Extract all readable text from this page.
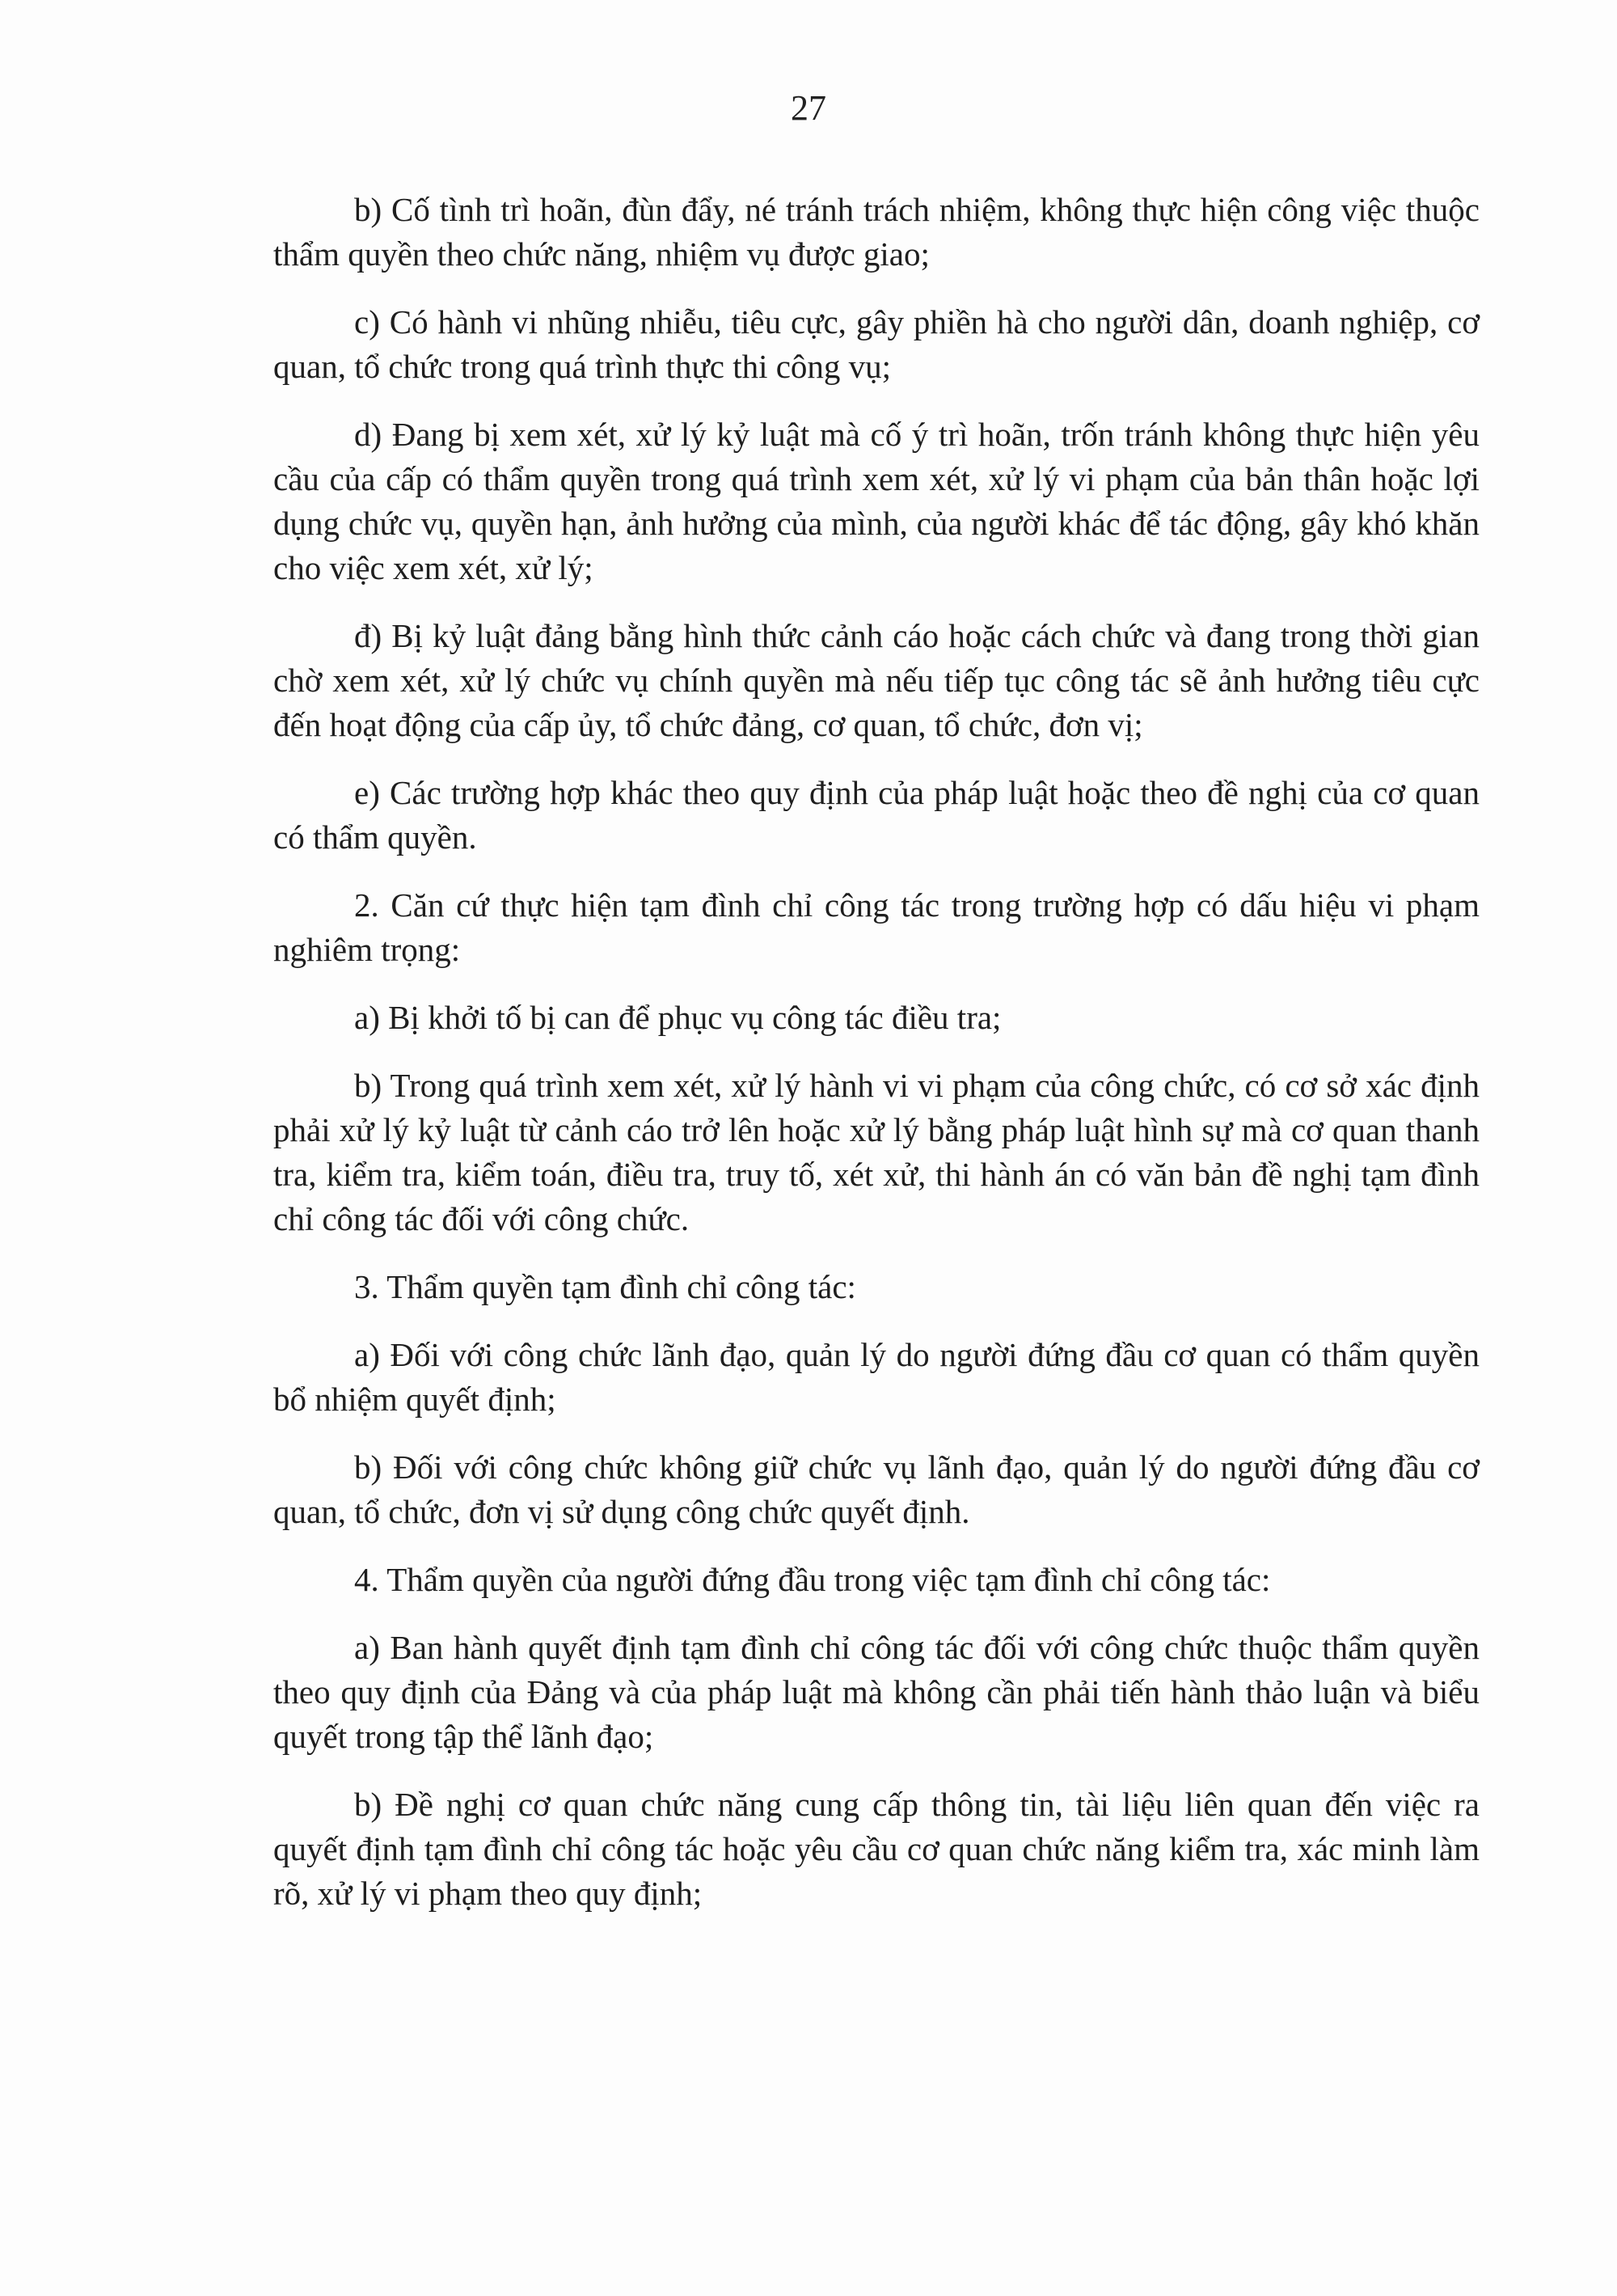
27

b) Cố tình trì hoãn, đùn đẩy, né tránh trách nhiệm, không thực hiện công việc thuộc thẩm quyền theo chức năng, nhiệm vụ được giao;

c) Có hành vi nhũng nhiễu, tiêu cực, gây phiền hà cho người dân, doanh nghiệp, cơ quan, tổ chức trong quá trình thực thi công vụ;

d) Đang bị xem xét, xử lý kỷ luật mà cố ý trì hoãn, trốn tránh không thực hiện yêu cầu của cấp có thẩm quyền trong quá trình xem xét, xử lý vi phạm của bản thân hoặc lợi dụng chức vụ, quyền hạn, ảnh hưởng của mình, của người khác để tác động, gây khó khăn cho việc xem xét, xử lý;

đ) Bị kỷ luật đảng bằng hình thức cảnh cáo hoặc cách chức và đang trong thời gian chờ xem xét, xử lý chức vụ chính quyền mà nếu tiếp tục công tác sẽ ảnh hưởng tiêu cực đến hoạt động của cấp ủy, tổ chức đảng, cơ quan, tổ chức, đơn vị;

e) Các trường hợp khác theo quy định của pháp luật hoặc theo đề nghị của cơ quan có thẩm quyền.

2. Căn cứ thực hiện tạm đình chỉ công tác trong trường hợp có dấu hiệu vi phạm nghiêm trọng:

a) Bị khởi tố bị can để phục vụ công tác điều tra;

b) Trong quá trình xem xét, xử lý hành vi vi phạm của công chức, có cơ sở xác định phải xử lý kỷ luật từ cảnh cáo trở lên hoặc xử lý bằng pháp luật hình sự mà cơ quan thanh tra, kiểm tra, kiểm toán, điều tra, truy tố, xét xử, thi hành án có văn bản đề nghị tạm đình chỉ công tác đối với công chức.

3. Thẩm quyền tạm đình chỉ công tác:

a) Đối với công chức lãnh đạo, quản lý do người đứng đầu cơ quan có thẩm quyền bổ nhiệm quyết định;

b) Đối với công chức không giữ chức vụ lãnh đạo, quản lý do người đứng đầu cơ quan, tổ chức, đơn vị sử dụng công chức quyết định.

4. Thẩm quyền của người đứng đầu trong việc tạm đình chỉ công tác:

a) Ban hành quyết định tạm đình chỉ công tác đối với công chức thuộc thẩm quyền theo quy định của Đảng và của pháp luật mà không cần phải tiến hành thảo luận và biểu quyết trong tập thể lãnh đạo;

b) Đề nghị cơ quan chức năng cung cấp thông tin, tài liệu liên quan đến việc ra quyết định tạm đình chỉ công tác hoặc yêu cầu cơ quan chức năng kiểm tra, xác minh làm rõ, xử lý vi phạm theo quy định;
